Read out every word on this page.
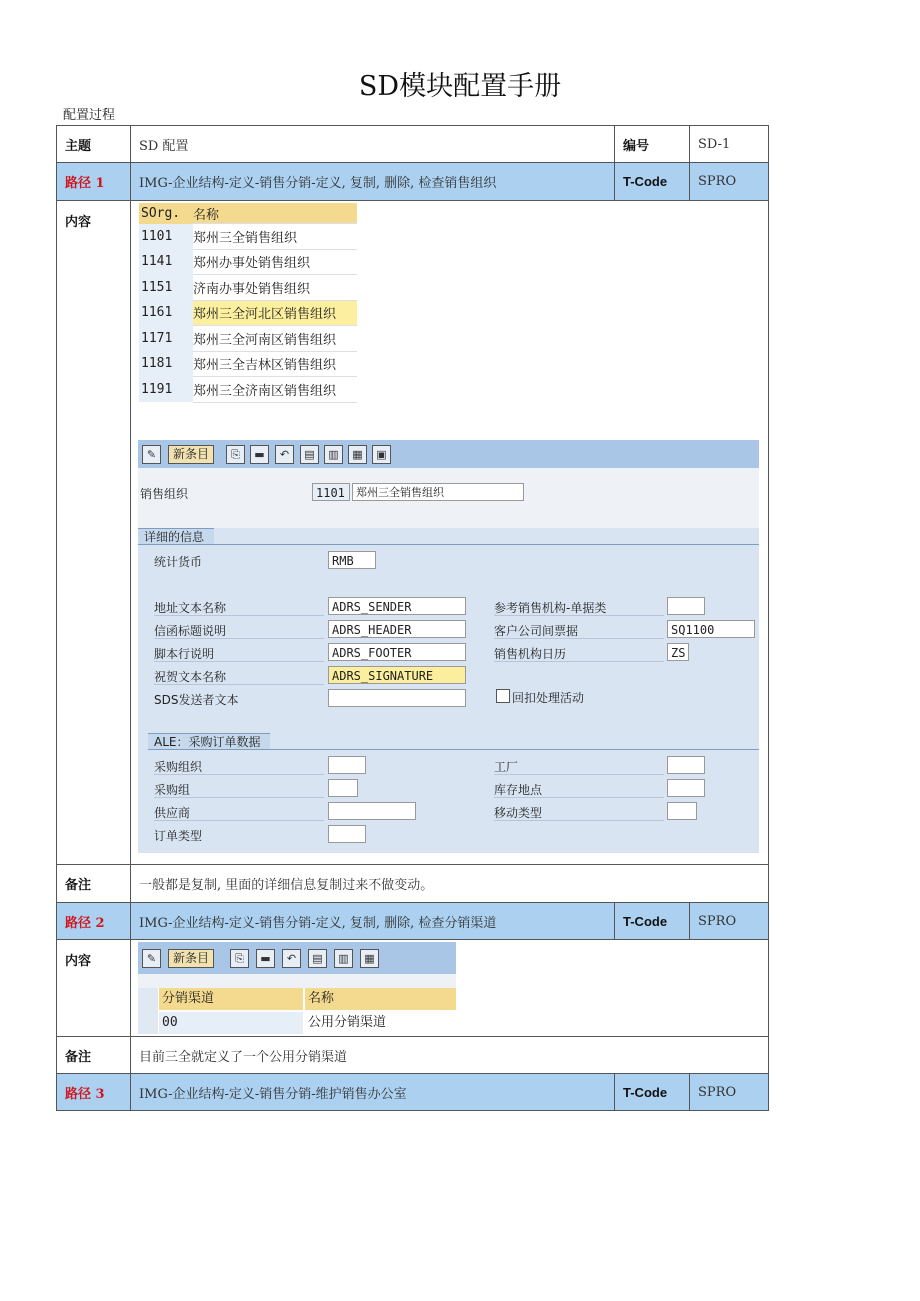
SD模块配置手册
配置过程
主题	SD 配置	编号	SD-1
路径 1	IMG-企业结构-定义-销售分销-定义, 复制, 删除, 检查销售组织	T-Code	SPRO
内容	
SOrg.	名称
1101	郑州三全销售组织
1141	郑州办事处销售组织
1151	济南办事处销售组织
1161	郑州三全河北区销售组织
1171	郑州三全河南区销售组织
1181	郑州三全吉林区销售组织
1191	郑州三全济南区销售组织
✎	新条目	⎘	▬	↶	▤	▥	▦	▣
销售组织	1101	郑州三全销售组织
详细的信息
统计货币	RMB
地址文本名称	ADRS_SENDER
信函标题说明	ADRS_HEADER
脚本行说明	ADRS_FOOTER
祝贺文本名称	ADRS_SIGNATURE
SDS发送者文本
参考销售机构-单据类
客户公司间票据	SQ1100
销售机构日历	ZS
回扣处理活动
ALE：采购订单数据
采购组织
采购组
供应商
订单类型
工厂
库存地点
移动类型

备注	一般都是复制, 里面的详细信息复制过来不做变动。
路径 2	IMG-企业结构-定义-销售分销-定义, 复制, 删除, 检查分销渠道	T-Code	SPRO
内容	✎	新条目	⎘	▬	↶	▤	▥	▦
分销渠道	名称
00	公用分销渠道

备注	目前三全就定义了一个公用分销渠道
路径 3	IMG-企业结构-定义-销售分销-维护销售办公室	T-Code	SPRO
